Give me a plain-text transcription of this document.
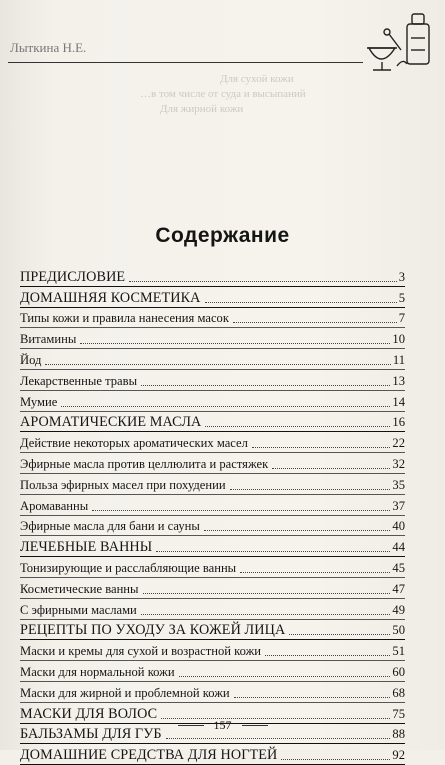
Лыткина Н.Е.
Для сухой кожи
…в том числе от суда и высыпаний
Для жирной кожи
Содержание
ПРЕДИСЛОВИЕ	3
ДОМАШНЯЯ КОСМЕТИКА	5
Типы кожи и правила нанесения масок	7
Витамины	10
Йод	11
Лекарственные травы	13
Мумие	14
АРОМАТИЧЕСКИЕ МАСЛА	16
Действие некоторых ароматических масел	22
Эфирные масла против целлюлита и растяжек	32
Польза эфирных масел при похудении	35
Аромаванны	37
Эфирные масла для бани и сауны	40
ЛЕЧЕБНЫЕ ВАННЫ	44
Тонизирующие и расслабляющие ванны	45
Косметические ванны	47
С эфирными маслами	49
РЕЦЕПТЫ ПО УХОДУ ЗА КОЖЕЙ ЛИЦА	50
Маски и кремы для сухой и возрастной кожи	51
Маски для нормальной кожи	60
Маски для жирной и проблемной кожи	68
МАСКИ ДЛЯ ВОЛОС	75
БАЛЬЗАМЫ ДЛЯ ГУБ	88
ДОМАШНИЕ СРЕДСТВА ДЛЯ НОГТЕЙ	92
157
